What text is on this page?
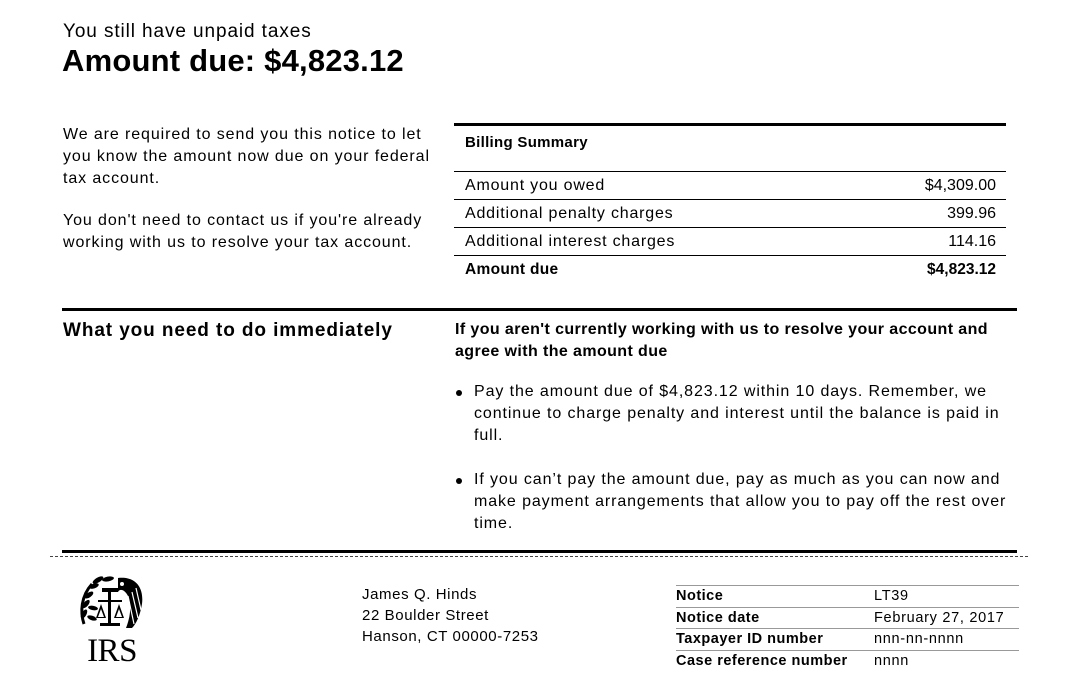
You still have unpaid taxes
Amount due: $4,823.12

We are required to send you this notice to let you know the amount now due on your federal tax account.

You don't need to contact us if you're already working with us to resolve your tax account.

Billing Summary
Amount you owed	$4,309.00
Additional penalty charges	399.96
Additional interest charges	114.16
Amount due	$4,823.12
What you need to do immediately	If you aren't currently working with us to resolve your account and agree with the amount due

Pay the amount due of $4,823.12 within 10 days. Remember, we continue to charge penalty and interest until the balance is paid in full.
If you can’t pay the amount due, pay as much as you can now and make payment arrangements that allow you to pay off the rest over time.
IRS
James Q. Hinds
22 Boulder Street
Hanson, CT 00000-7253
Notice	LT39
Notice date	February 27, 2017
Taxpayer ID number	nnn-nn-nnnn
Case reference number	nnnn
